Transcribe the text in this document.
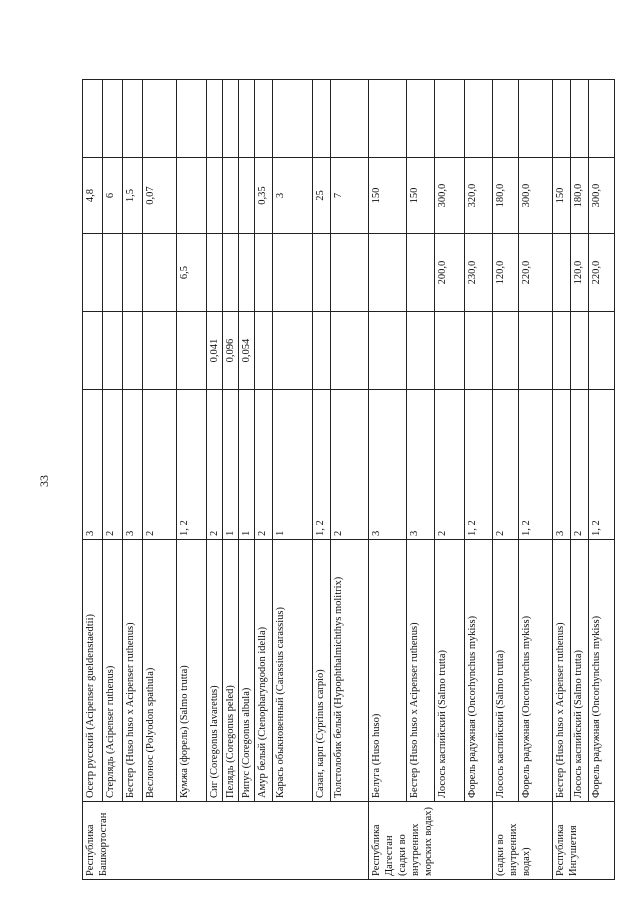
33
Республика Башкортостан	Осетр русский (Acipenser gueldenstaedtii)	3			4,8	
	Стерлядь (Acipenser ruthenus)	2			6	
	Бестер (Huso huso x Acipenser ruthenus)	3			1,5	
	Веслонос (Polyodon spathula)	2			0,07	
	Кумжа (форель) (Salmo trutta)	1, 2		6,5		
	Сиг (Coregonus lavaretus)	2	0,041			
	Пелядь (Coregonus peled)	1	0,096			
	Рипус (Coregonus albula)	1	0,054			
	Амур белый (Ctenopharyngodon idella)	2			0,35	
	Карась обыкновенный (Carassius carassius)	1			3	
	Сазан, карп (Cyprinus carpio)	1, 2			25	
	Толстолобик белый (Hypophthalmichthys molitrix)	2			7	
Республика Дагестан (садки во внутренних морских водах)	Белуга (Huso huso)	3			150	
	Бестер (Huso huso x Acipenser ruthenus)	3			150	
	Лосось каспийский (Salmo trutta)	2		200,0	300,0	
	Форель радужная (Oncorhynchus mykiss)	1, 2		230,0	320,0	
(садки во внутренних водах)	Лосось каспийский (Salmo trutta)	2		120,0	180,0	
	Форель радужная (Oncorhynchus mykiss)	1, 2		220,0	300,0	
Республика Ингушетия	Бестер (Huso huso x Acipenser ruthenus)	3			150	
	Лосось каспийский (Salmo trutta)	2		120,0	180,0	
	Форель радужная (Oncorhynchus mykiss)	1, 2		220,0	300,0	
